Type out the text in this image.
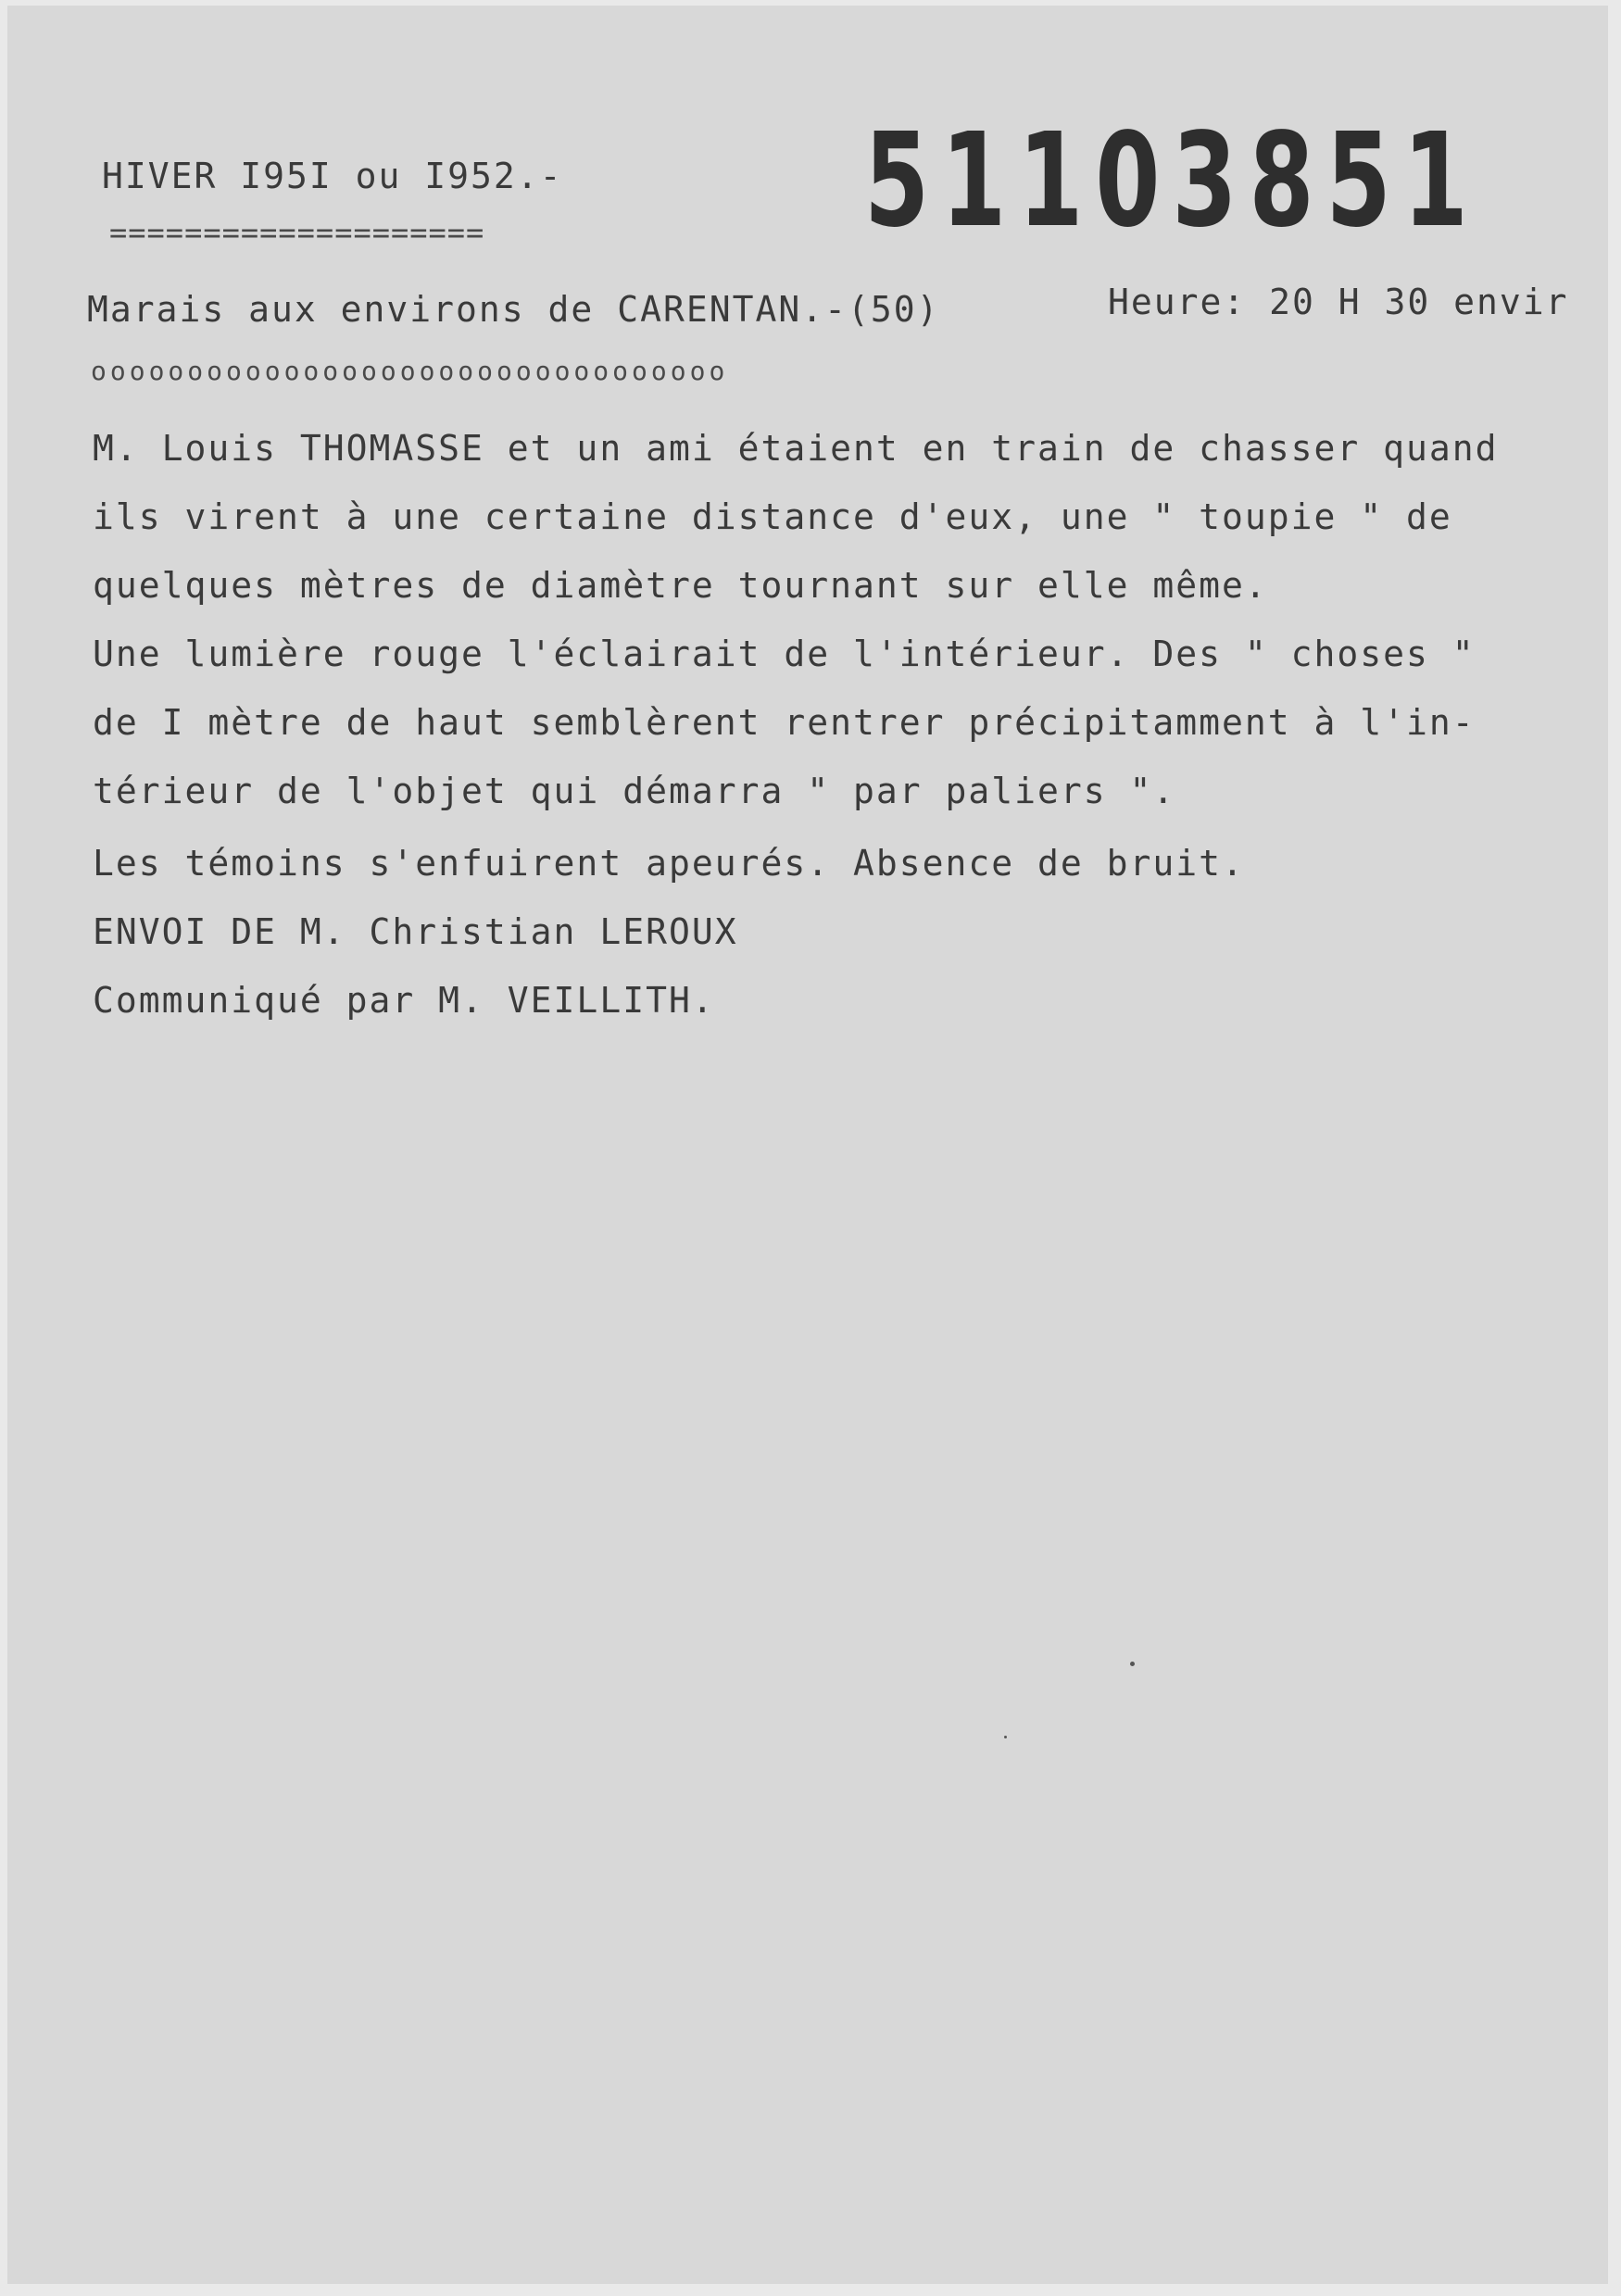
HIVER I95I ou I952.- 51103851
====================
Marais aux environs de CARENTAN.-(50)	Heure: 20 H 30 envir
ooooooooooooooooooooooooooooooooo
M. Louis THOMASSE et un ami étaient en train de chasser quand
ils virent à une certaine distance d'eux, une " toupie " de
quelques mètres de diamètre tournant sur elle même.
Une lumière rouge l'éclairait de l'intérieur. Des " choses "
de I mètre de haut semblèrent rentrer précipitamment à l'in-
térieur de l'objet qui démarra " par paliers ".
Les témoins s'enfuirent apeurés. Absence de bruit.
ENVOI DE M. Christian LEROUX
Communiqué par M. VEILLITH.
